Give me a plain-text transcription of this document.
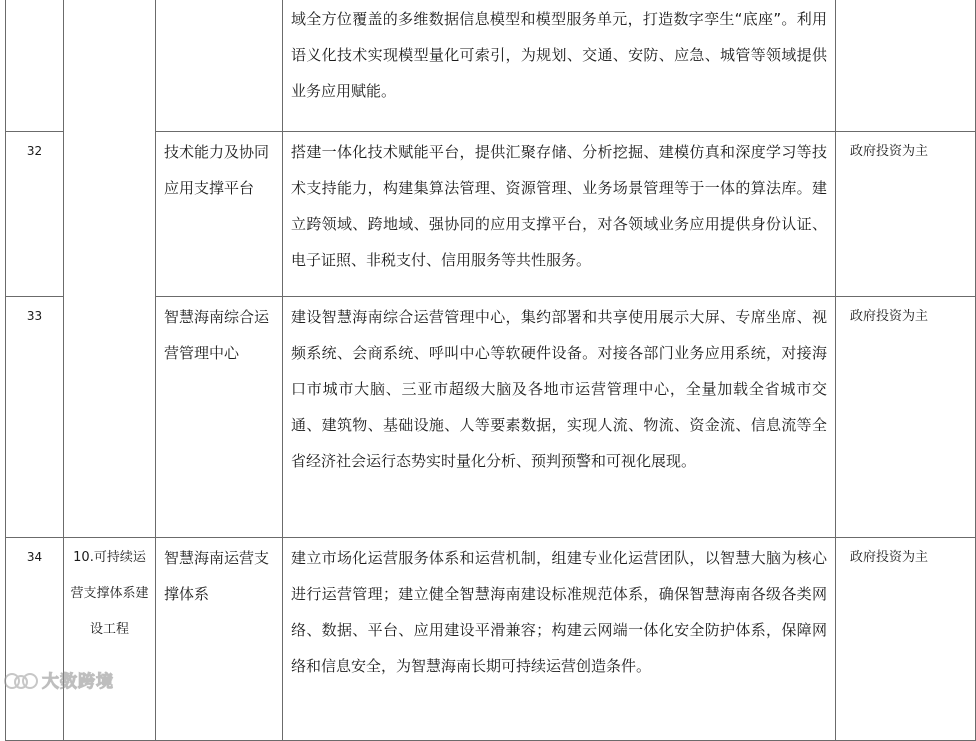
			域全方位覆盖的多维数据信息模型和模型服务单元，打造数字孪生“底座”。利用语义化技术实现模型量化可索引，为规划、交通、安防、应急、城管等领域提供业务应用赋能。	
32		技术能力及协同应用支撑平台	搭建一体化技术赋能平台，提供汇聚存储、分析挖掘、建模仿真和深度学习等技术支持能力，构建集算法管理、资源管理、业务场景管理等于一体的算法库。建立跨领域、跨地域、强协同的应用支撑平台，对各领域业务应用提供身份认证、电子证照、非税支付、信用服务等共性服务。	政府投资为主
33		智慧海南综合运营管理中心	建设智慧海南综合运营管理中心，集约部署和共享使用展示大屏、专席坐席、视频系统、会商系统、呼叫中心等软硬件设备。对接各部门业务应用系统，对接海口市城市大脑、三亚市超级大脑及各地市运营管理中心，全量加载全省城市交通、建筑物、基础设施、人等要素数据，实现人流、物流、资金流、信息流等全省经济社会运行态势实时量化分析、预判预警和可视化展现。	政府投资为主
34	10.可持续运营支撑体系建设工程	智慧海南运营支撑体系	建立市场化运营服务体系和运营机制，组建专业化运营团队，以智慧大脑为核心进行运营管理；建立健全智慧海南建设标准规范体系，确保智慧海南各级各类网络、数据、平台、应用建设平滑兼容；构建云网端一体化安全防护体系，保障网络和信息安全，为智慧海南长期可持续运营创造条件。	政府投资为主
大数跨境
